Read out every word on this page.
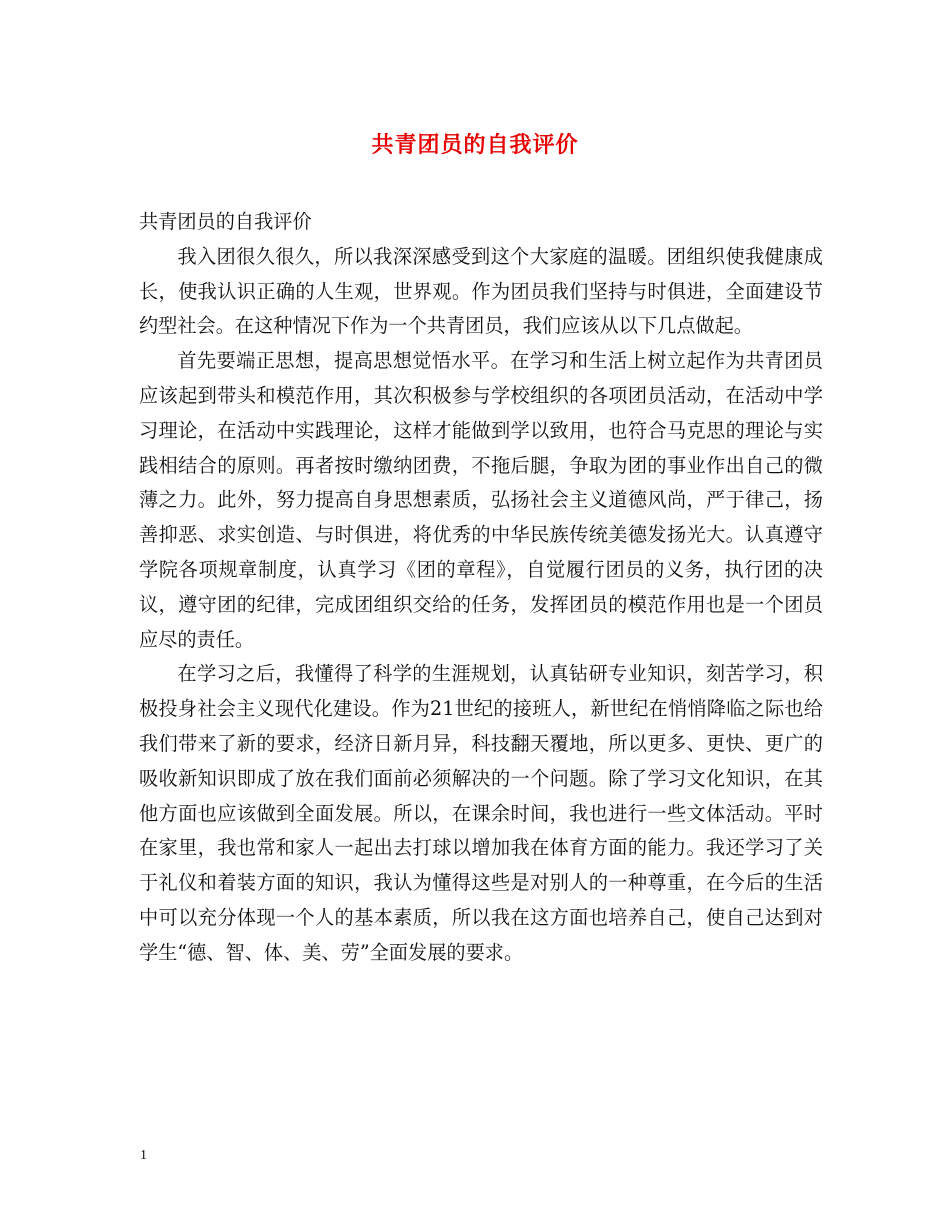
共青团员的自我评价

共青团员的自我评价

我入团很久很久，所以我深深感受到这个大家庭的温暖。团组织使我健康成长，使我认识正确的人生观，世界观。作为团员我们坚持与时俱进，全面建设节约型社会。在这种情况下作为一个共青团员，我们应该从以下几点做起。

首先要端正思想，提高思想觉悟水平。在学习和生活上树立起作为共青团员应该起到带头和模范作用，其次积极参与学校组织的各项团员活动，在活动中学习理论，在活动中实践理论，这样才能做到学以致用，也符合马克思的理论与实践相结合的原则。再者按时缴纳团费，不拖后腿，争取为团的事业作出自己的微薄之力。此外，努力提高自身思想素质，弘扬社会主义道德风尚，严于律己，扬善抑恶、求实创造、与时俱进，将优秀的中华民族传统美德发扬光大。认真遵守学院各项规章制度，认真学习《团的章程》，自觉履行团员的义务，执行团的决议，遵守团的纪律，完成团组织交给的任务，发挥团员的模范作用也是一个团员应尽的责任。

在学习之后，我懂得了科学的生涯规划，认真钻研专业知识，刻苦学习，积极投身社会主义现代化建设。作为21世纪的接班人，新世纪在悄悄降临之际也给我们带来了新的要求，经济日新月异，科技翻天覆地，所以更多、更快、更广的吸收新知识即成了放在我们面前必须解决的一个问题。除了学习文化知识，在其他方面也应该做到全面发展。所以，在课余时间，我也进行一些文体活动。平时在家里，我也常和家人一起出去打球以增加我在体育方面的能力。我还学习了关于礼仪和着装方面的知识，我认为懂得这些是对别人的一种尊重，在今后的生活中可以充分体现一个人的基本素质，所以我在这方面也培养自己，使自己达到对学生“德、智、体、美、劳”全面发展的要求。

1
